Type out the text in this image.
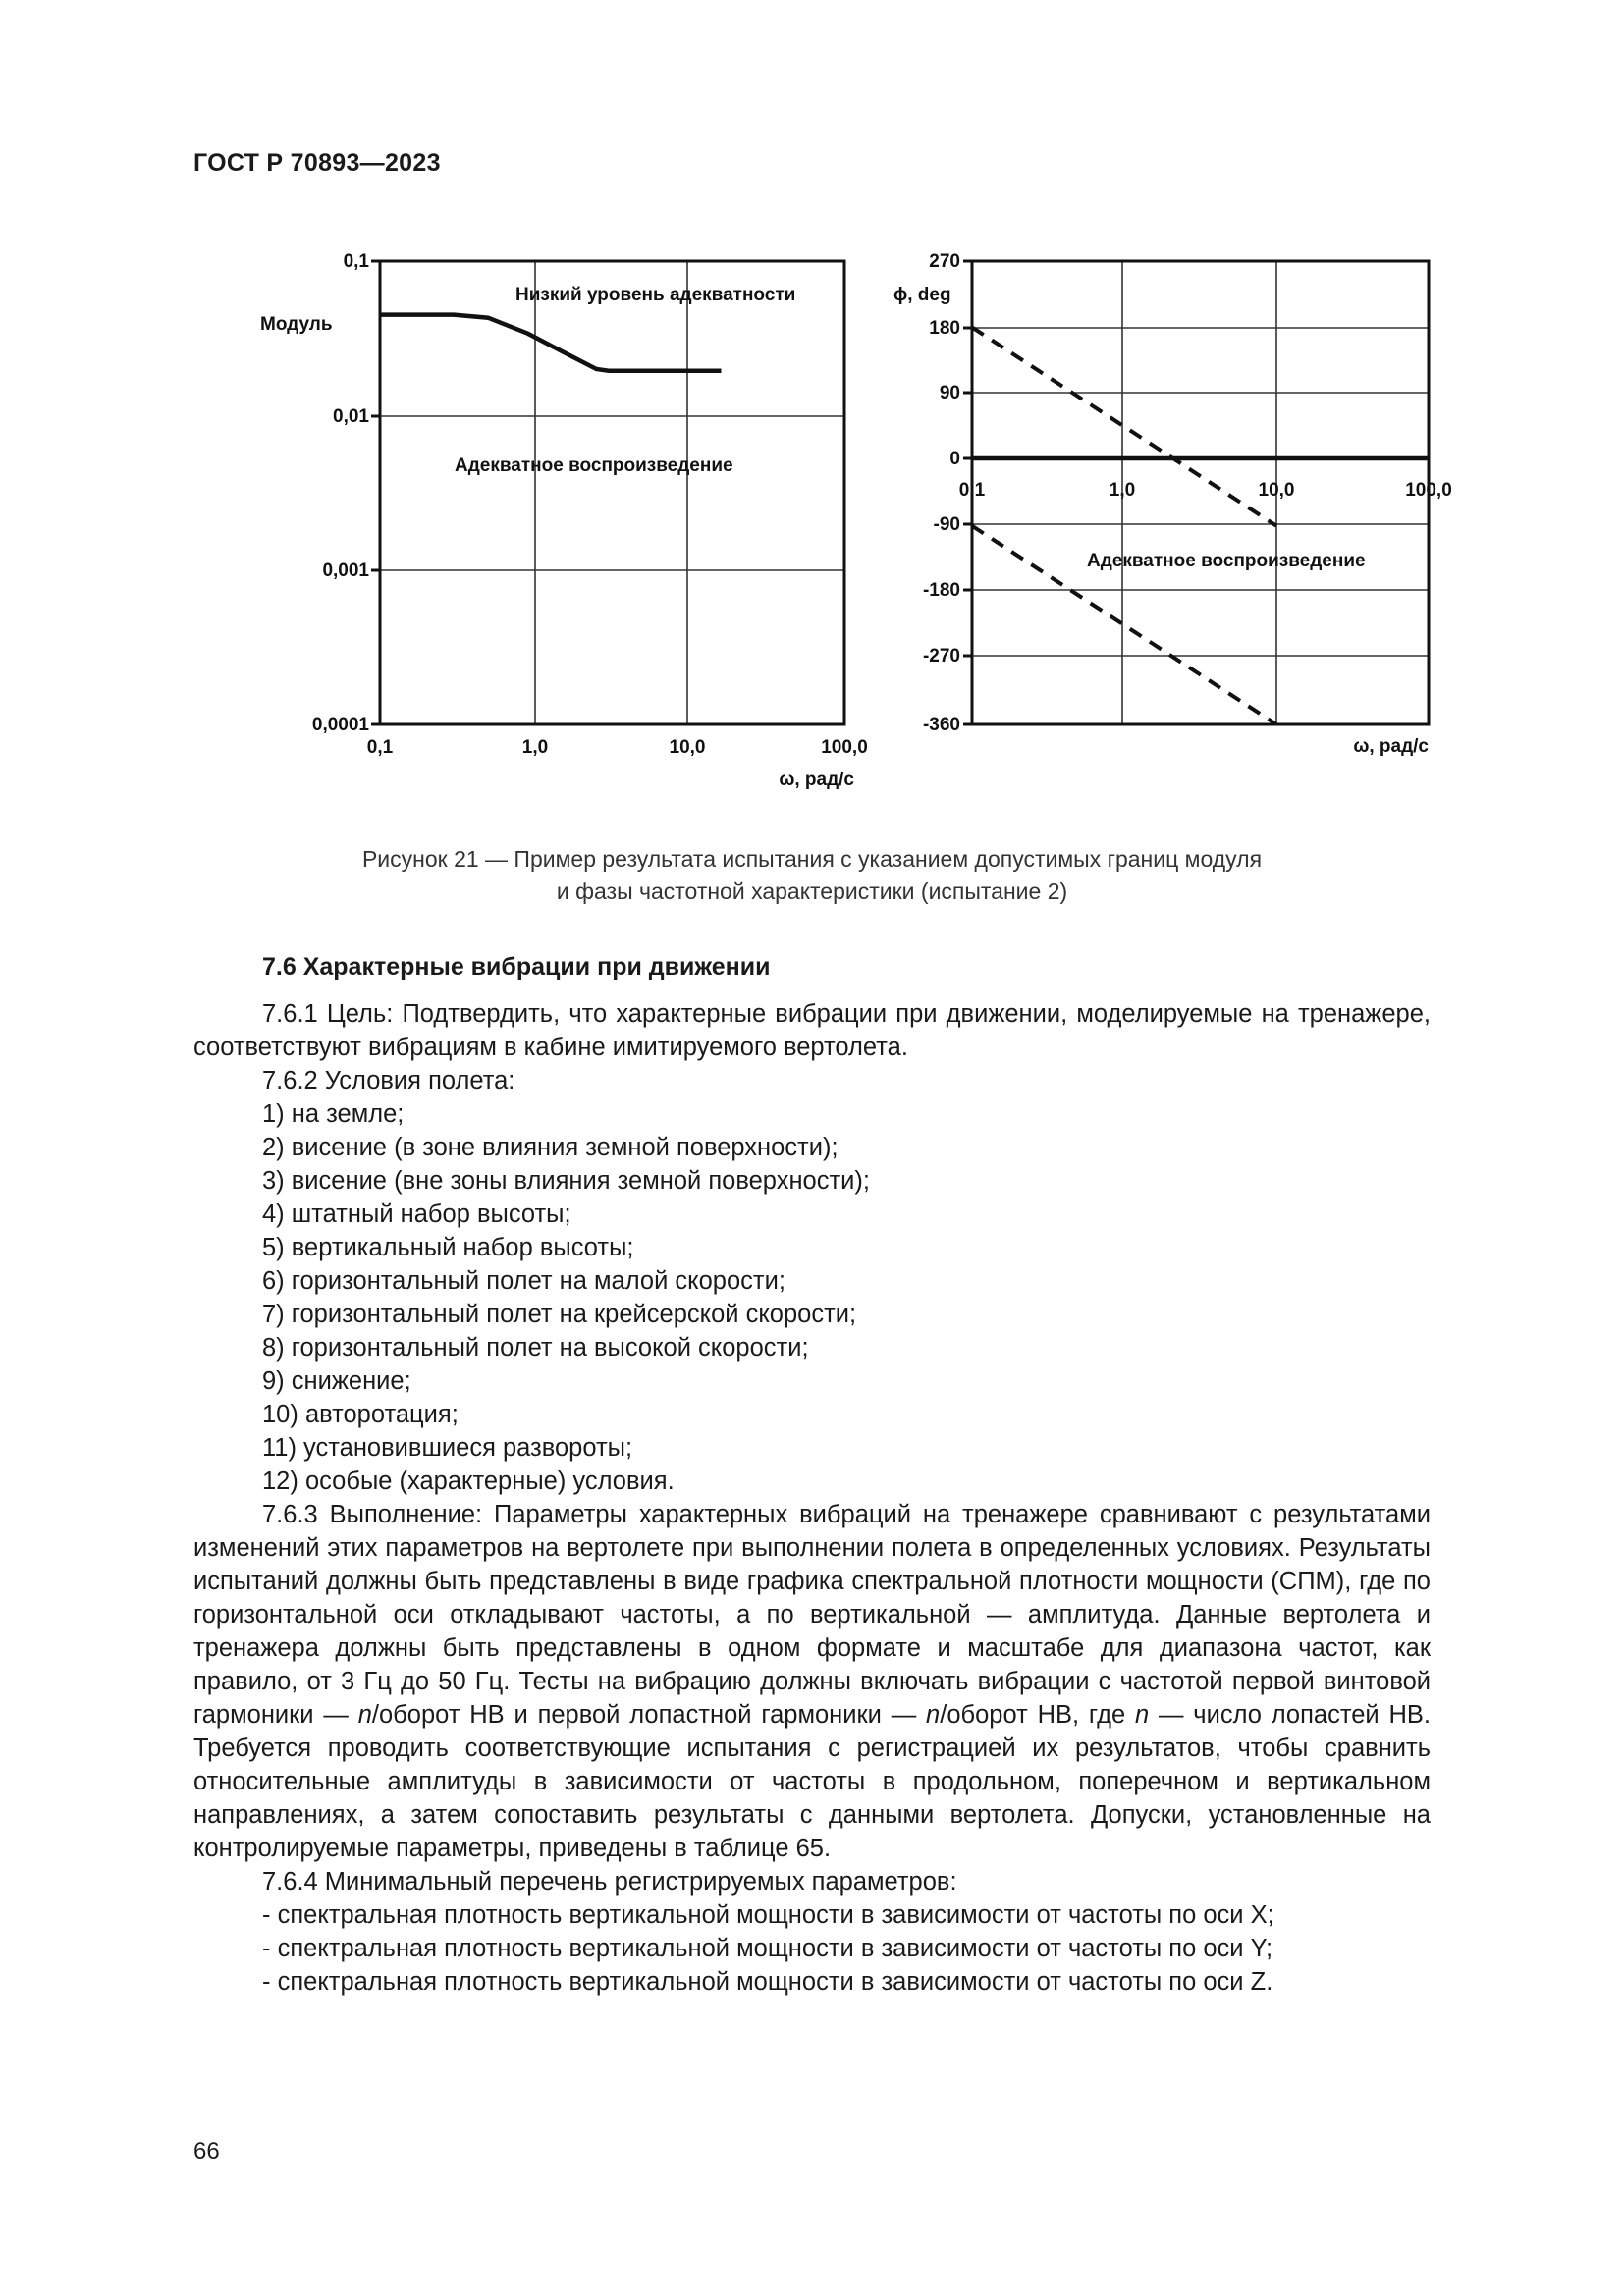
ГОСТ Р 70893—2023
0,1
0,01
0,001
0,0001
0,1	1,0	10,0	100,0
Модуль
ω, рад/с
Низкий уровень адекватности
Адекватное воспроизведение
270
180
90
0
-90
-180
-270
-360
0,1	1,0	10,0	100,0
ϕ, deg
ω, рад/с
Адекватное воспроизведение
Рисунок 21 — Пример результата испытания с указанием допустимых границ модуля
и фазы частотной характеристики (испытание 2)
7.6 Характерные вибрации при движении
7.6.1 Цель: Подтвердить, что характерные вибрации при движении, моделируемые на тренажере, соответствуют вибрациям в кабине имитируемого вертолета.
7.6.2 Условия полета:
1) на земле;
2) висение (в зоне влияния земной поверхности);
3) висение (вне зоны влияния земной поверхности);
4) штатный набор высоты;
5) вертикальный набор высоты;
6) горизонтальный полет на малой скорости;
7) горизонтальный полет на крейсерской скорости;
8) горизонтальный полет на высокой скорости;
9) снижение;
10) авторотация;
11) установившиеся развороты;
12) особые (характерные) условия.
7.6.3 Выполнение: Параметры характерных вибраций на тренажере сравнивают с результатами изменений этих параметров на вертолете при выполнении полета в определенных условиях. Результаты испытаний должны быть представлены в виде графика спектральной плотности мощности (СПМ), где по горизонтальной оси откладывают частоты, а по вертикальной — амплитуда. Данные вертолета и тренажера должны быть представлены в одном формате и масштабе для диапазона частот, как правило, от 3 Гц до 50 Гц. Тесты на вибрацию должны включать вибрации с частотой первой винтовой гармоники — n/оборот НВ и первой лопастной гармоники — n/оборот НВ, где n — число лопастей НВ. Требуется проводить соответствующие испытания с регистрацией их результатов, чтобы сравнить относительные амплитуды в зависимости от частоты в продольном, поперечном и вертикальном направлениях, а затем сопоставить результаты с данными вертолета. Допуски, установленные на контролируемые параметры, приведены в таблице 65.
7.6.4 Минимальный перечень регистрируемых параметров:
- спектральная плотность вертикальной мощности в зависимости от частоты по оси X;
- спектральная плотность вертикальной мощности в зависимости от частоты по оси Y;
- спектральная плотность вертикальной мощности в зависимости от частоты по оси Z.
66
